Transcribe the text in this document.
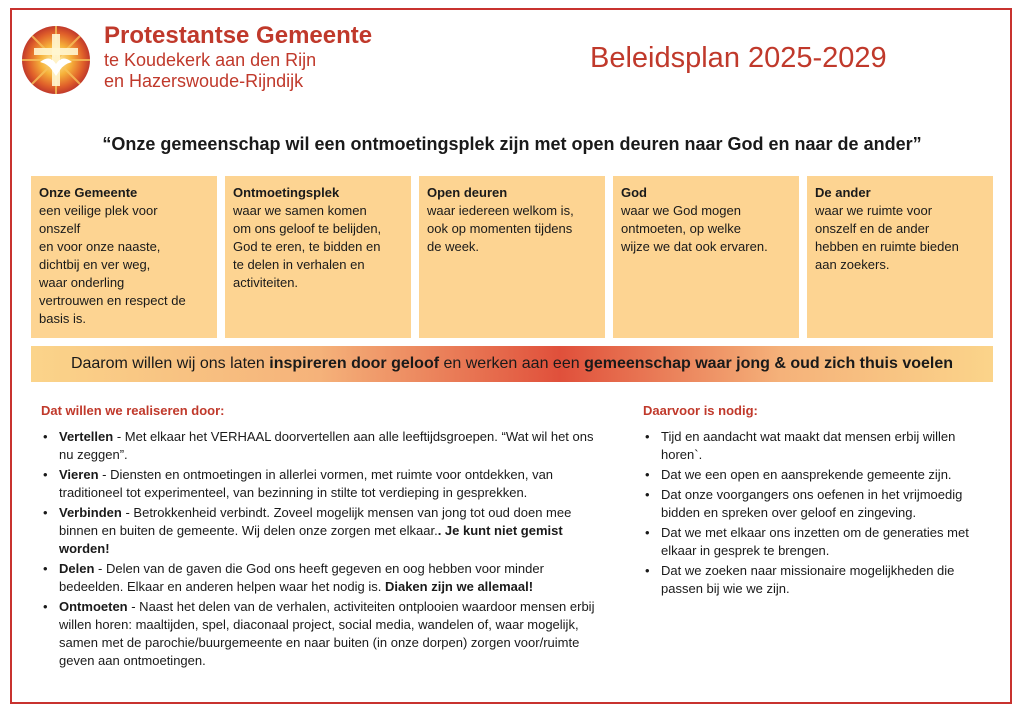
Protestantse Gemeente
te Koudekerk aan den Rijn
en Hazerswoude-Rijndijk
Beleidsplan 2025-2029
“Onze gemeenschap wil een ontmoetingsplek zijn met open deuren naar God en naar de ander”
Onze Gemeente
een veilige plek voor
onszelf
en voor onze naaste,
dichtbij en ver weg,
waar onderling
vertrouwen en respect de
basis is.
Ontmoetingsplek
waar we samen komen
om ons geloof te belijden,
God te eren, te bidden en
te delen in verhalen en
activiteiten.
Open deuren
waar iedereen welkom is,
ook op momenten tijdens
de week.
God
waar we God mogen
ontmoeten, op welke
wijze we dat ook ervaren.
De ander
waar we ruimte voor
onszelf en de ander
hebben en ruimte bieden
aan zoekers.
Daarom willen wij ons laten inspireren door geloof en werken aan een gemeenschap waar jong & oud zich thuis voelen
Dat willen we realiseren door:
• Vertellen - Met elkaar het VERHAAL doorvertellen aan alle leeftijdsgroepen. “Wat wil het ons nu zeggen”.
• Vieren - Diensten en ontmoetingen in allerlei vormen, met ruimte voor ontdekken, van traditioneel tot experimenteel, van bezinning in stilte tot verdieping in gesprekken.
• Verbinden - Betrokkenheid verbindt. Zoveel mogelijk mensen van jong tot oud doen mee binnen en buiten de gemeente. Wij delen onze zorgen met elkaar.. Je kunt niet gemist worden!
• Delen - Delen van de gaven die God ons heeft gegeven en oog hebben voor minder bedeelden. Elkaar en anderen helpen waar het nodig is. Diaken zijn we allemaal!
• Ontmoeten - Naast het delen van de verhalen, activiteiten ontplooien waardoor mensen erbij willen horen: maaltijden, spel, diaconaal project, social media, wandelen of, waar mogelijk, samen met de parochie/buurgemeente en naar buiten (in onze dorpen) zorgen voor/ruimte geven aan ontmoetingen.
Daarvoor is nodig:
• Tijd en aandacht wat maakt dat mensen erbij willen horen`.
• Dat we een open en aansprekende gemeente zijn.
• Dat onze voorgangers ons oefenen in het vrijmoedig bidden en spreken over geloof en zingeving.
• Dat we met elkaar ons inzetten om de generaties met elkaar in gesprek te brengen.
• Dat we zoeken naar missionaire mogelijkheden die passen bij wie we zijn.
